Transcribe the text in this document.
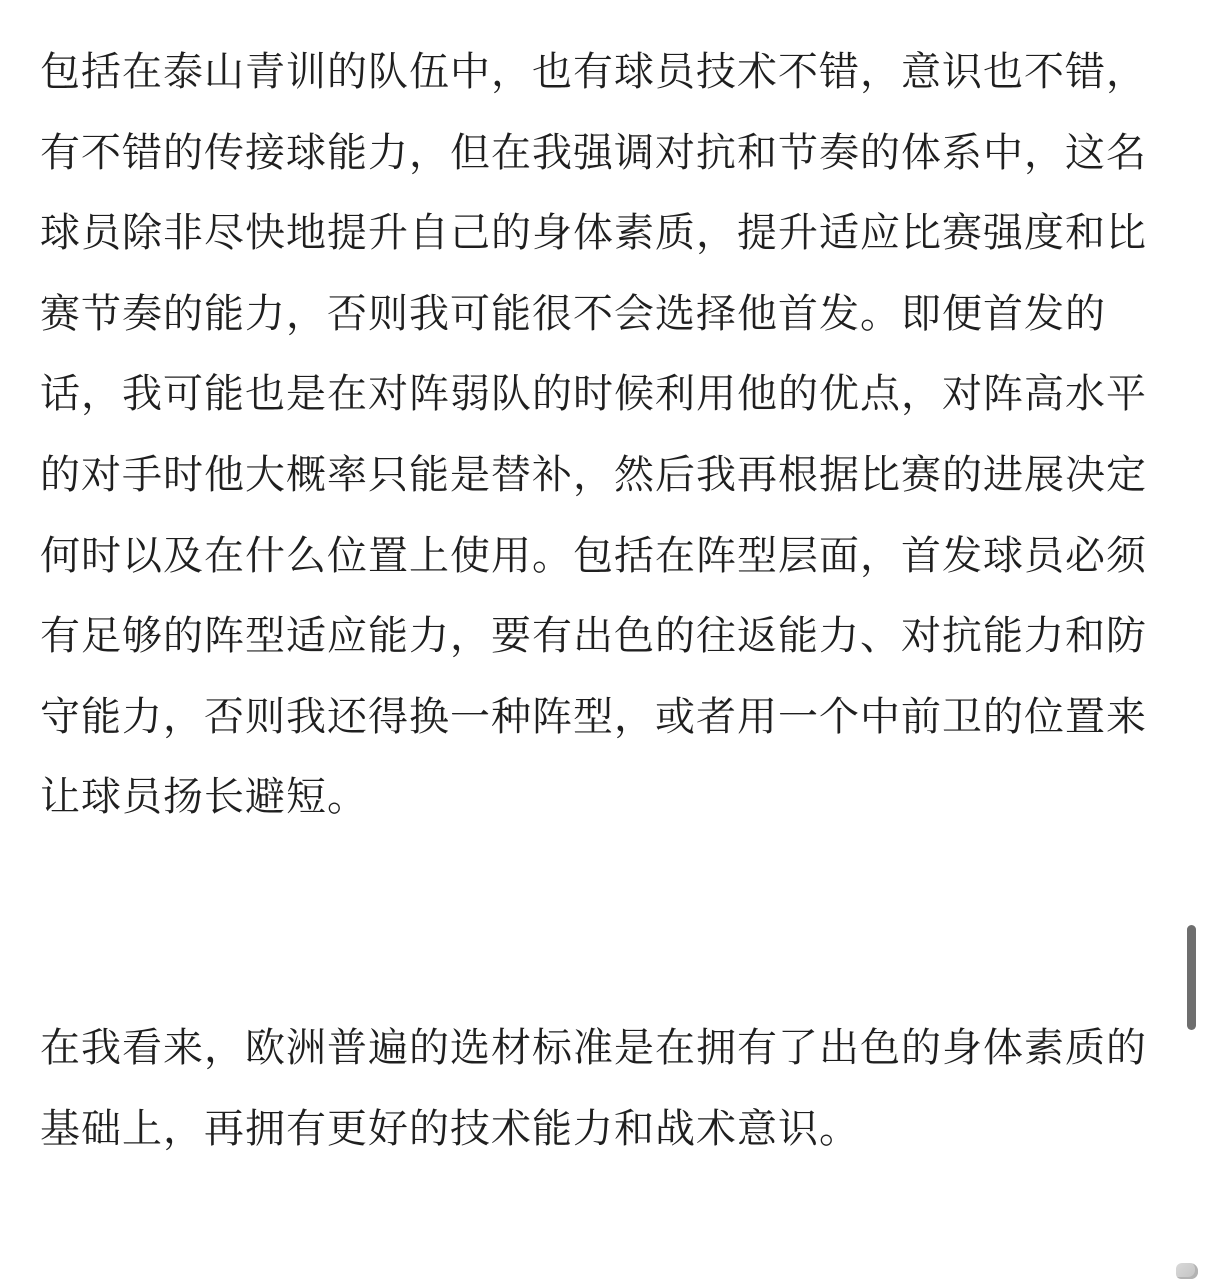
包括在泰山青训的队伍中，也有球员技术不错，意识也不错，有不错的传接球能力，但在我强调对抗和节奏的体系中，这名球员除非尽快地提升自己的身体素质，提升适应比赛强度和比赛节奏的能力，否则我可能很不会选择他首发。即便首发的话，我可能也是在对阵弱队的时候利用他的优点，对阵高水平的对手时他大概率只能是替补，然后我再根据比赛的进展决定何时以及在什么位置上使用。包括在阵型层面，首发球员必须有足够的阵型适应能力，要有出色的往返能力、对抗能力和防守能力，否则我还得换一种阵型，或者用一个中前卫的位置来让球员扬长避短。

在我看来，欧洲普遍的选材标准是在拥有了出色的身体素质的基础上，再拥有更好的技术能力和战术意识。
